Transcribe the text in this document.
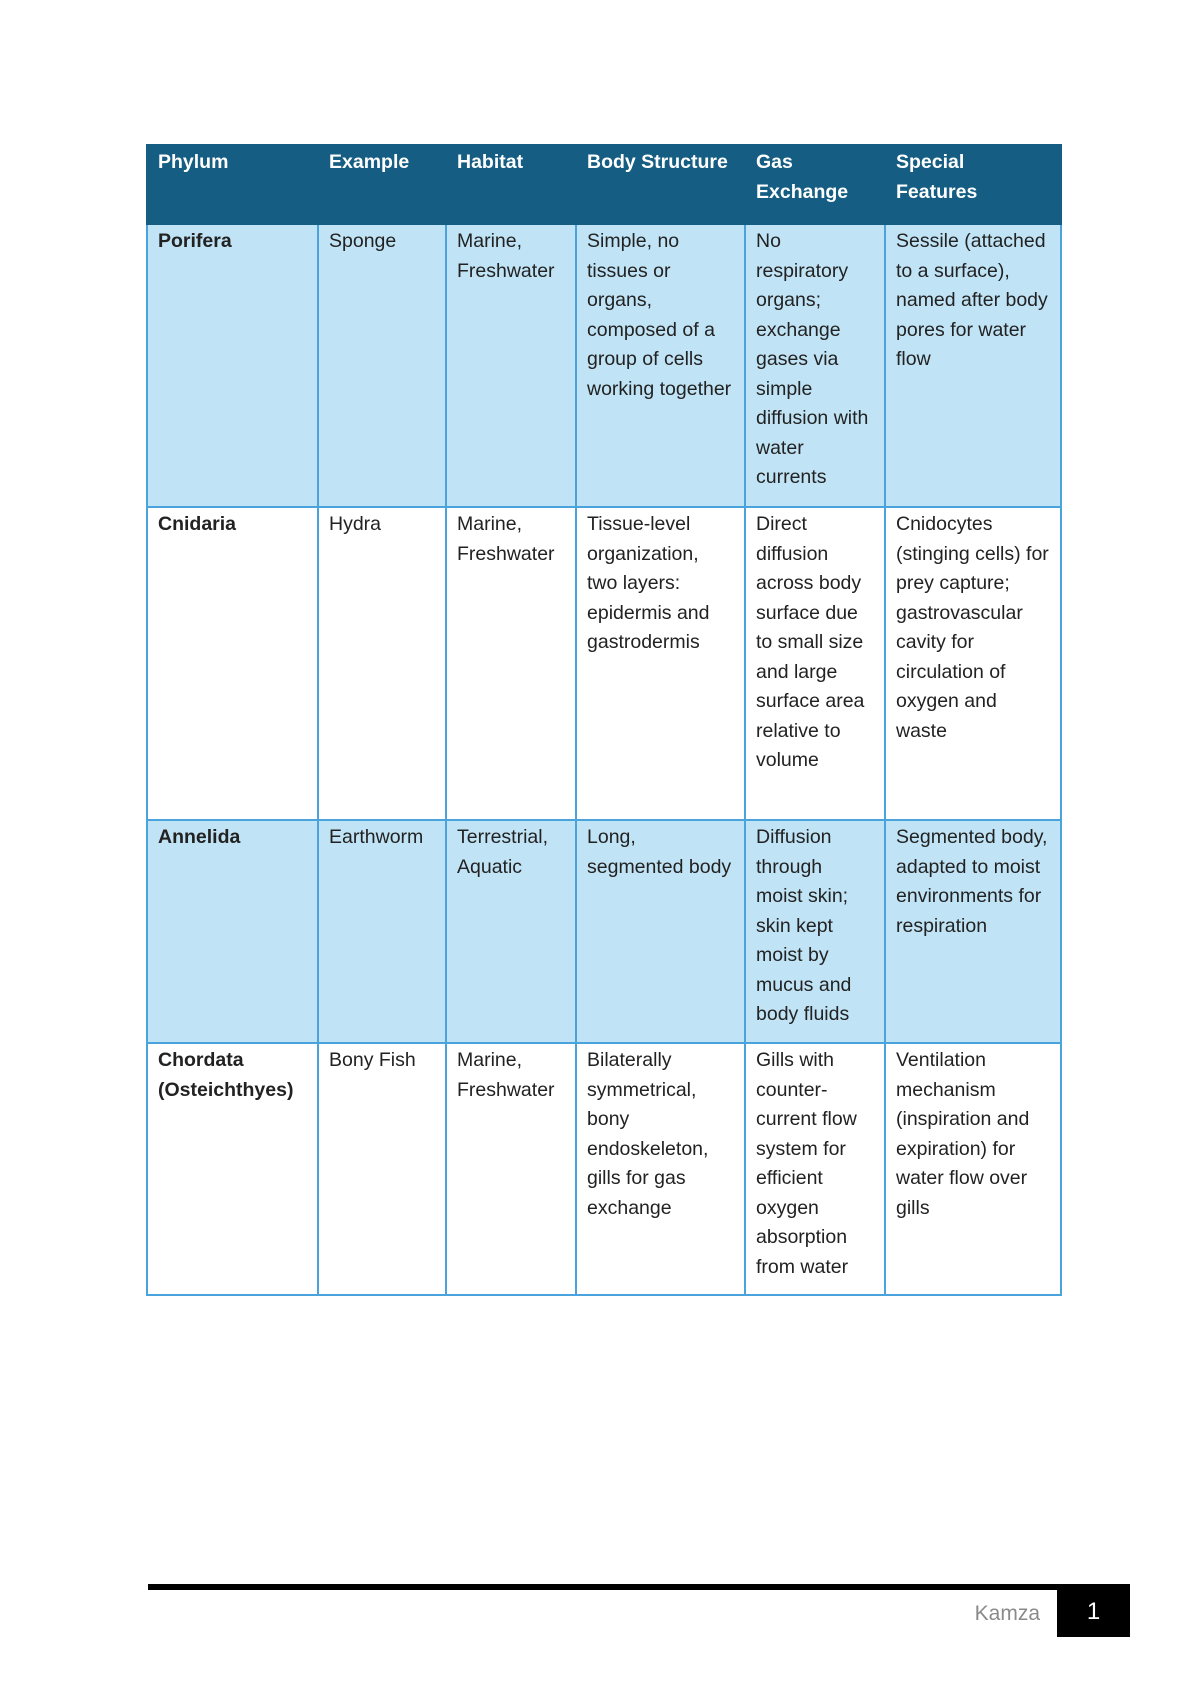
Phylum	Example	Habitat	Body Structure	Gas Exchange	Special Features
Porifera	Sponge	Marine, Freshwater	Simple, no tissues or organs, composed of a group of cells working together	No respiratory organs; exchange gases via simple diffusion with water currents	Sessile (attached to a surface), named after body pores for water flow
Cnidaria	Hydra	Marine, Freshwater	Tissue-level organization, two layers: epidermis and gastrodermis	Direct diffusion across body surface due to small size and large surface area relative to volume	Cnidocytes (stinging cells) for prey capture; gastrovascular cavity for circulation of oxygen and waste
Annelida	Earthworm	Terrestrial, Aquatic	Long, segmented body	Diffusion through moist skin; skin kept moist by mucus and body fluids	Segmented body, adapted to moist environments for respiration
Chordata (Osteichthyes)	Bony Fish	Marine, Freshwater	Bilaterally symmetrical, bony endoskeleton, gills for gas exchange	Gills with counter-current flow system for efficient oxygen absorption from water	Ventilation mechanism (inspiration and expiration) for water flow over gills
Kamza	1
